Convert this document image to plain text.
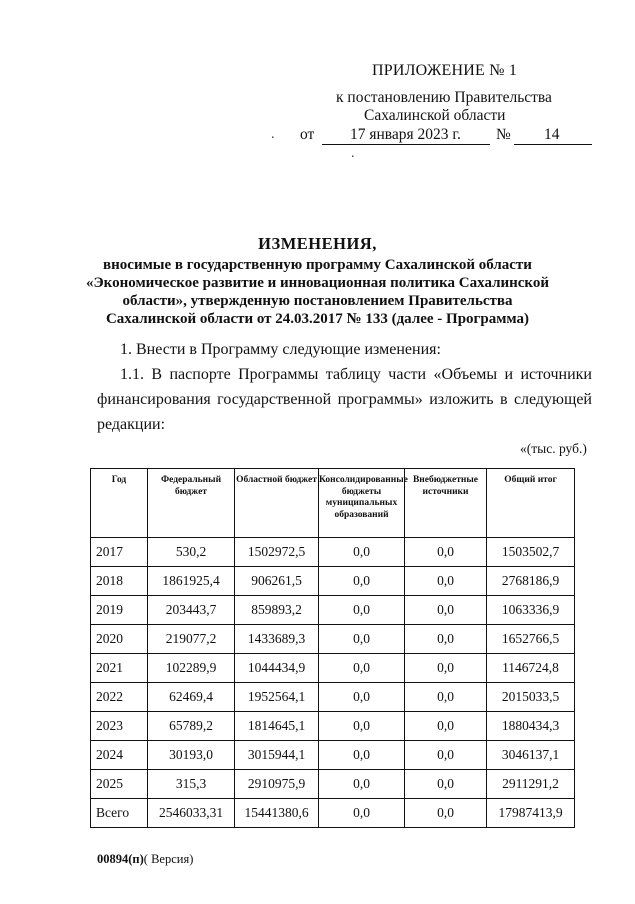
ПРИЛОЖЕНИЕ № 1
к постановлению Правительства
Сахалинской области
от 17 января 2023 г. № 14
.
.
ИЗМЕНЕНИЯ,
вносимые в государственную программу Сахалинской области
«Экономическое развитие и инновационная политика Сахалинской
области», утвержденную постановлением Правительства
Сахалинской области от 24.03.2017 № 133 (далее - Программа)
1. Внести в Программу следующие изменения:
1.1. В паспорте Программы таблицу части «Объемы и источники
финансирования государственной программы» изложить в следующей
редакции:
«(тыс. руб.)
Год	Федеральный бюджет	Областной бюджет	Консолидированные бюджеты муниципальных образований	Внебюджетные источники	Общий итог
2017	530,2	1502972,5	0,0	0,0	1503502,7
2018	1861925,4	906261,5	0,0	0,0	2768186,9
2019	203443,7	859893,2	0,0	0,0	1063336,9
2020	219077,2	1433689,3	0,0	0,0	1652766,5
2021	102289,9	1044434,9	0,0	0,0	1146724,8
2022	62469,4	1952564,1	0,0	0,0	2015033,5
2023	65789,2	1814645,1	0,0	0,0	1880434,3
2024	30193,0	3015944,1	0,0	0,0	3046137,1
2025	315,3	2910975,9	0,0	0,0	2911291,2
Всего	2546033,31	15441380,6	0,0	0,0	17987413,9
00894(п)( Версия)
